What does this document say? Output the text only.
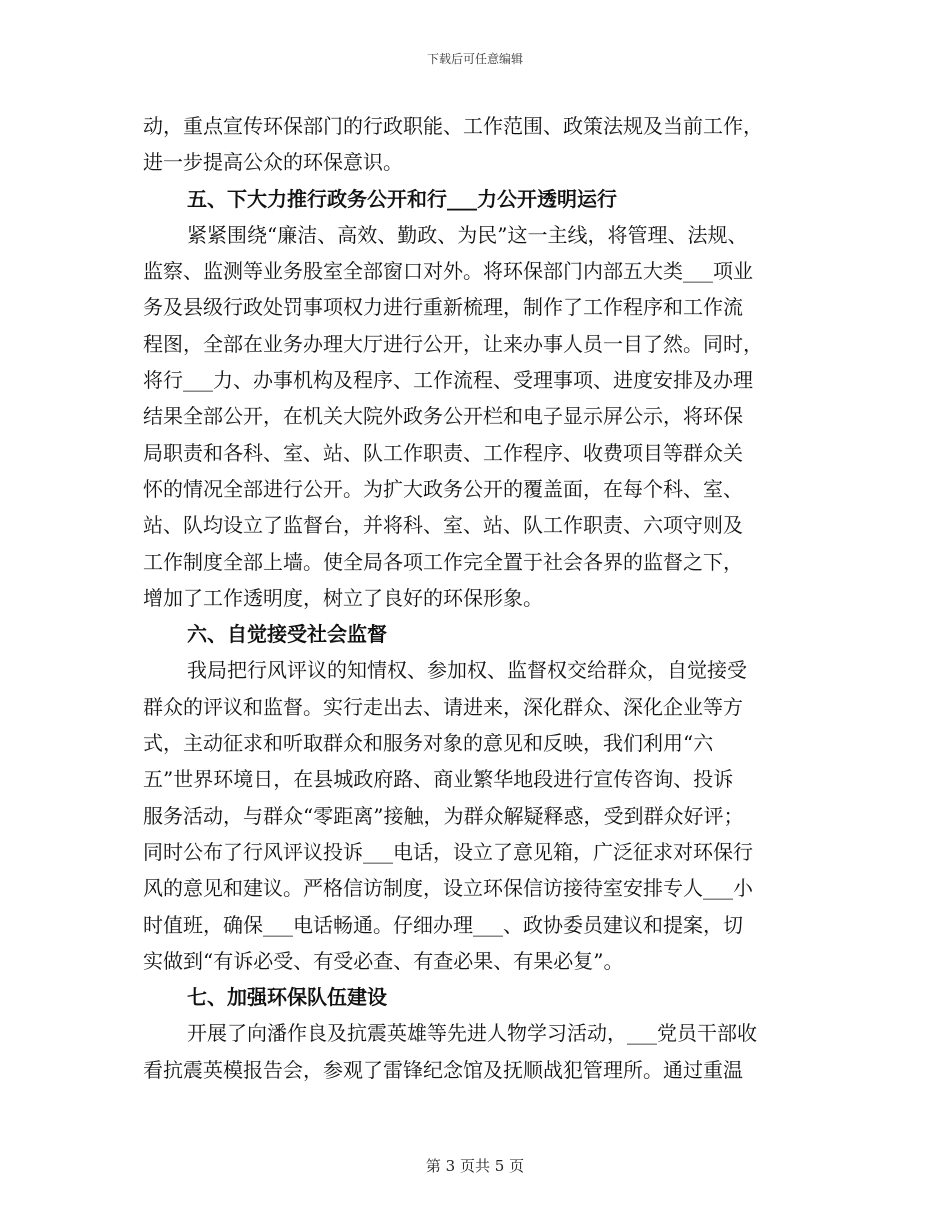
下载后可任意编辑
动，重点宣传环保部门的行政职能、工作范围、政策法规及当前工作，
进一步提高公众的环保意识。
五、下大力推行政务公开和行___力公开透明运行
紧紧围绕“廉洁、高效、勤政、为民”这一主线，将管理、法规、
监察、监测等业务股室全部窗口对外。将环保部门内部五大类___项业
务及县级行政处罚事项权力进行重新梳理，制作了工作程序和工作流
程图，全部在业务办理大厅进行公开，让来办事人员一目了然。同时，
将行___力、办事机构及程序、工作流程、受理事项、进度安排及办理
结果全部公开，在机关大院外政务公开栏和电子显示屏公示，将环保
局职责和各科、室、站、队工作职责、工作程序、收费项目等群众关
怀的情况全部进行公开。为扩大政务公开的覆盖面，在每个科、室、
站、队均设立了监督台，并将科、室、站、队工作职责、六项守则及
工作制度全部上墙。使全局各项工作完全置于社会各界的监督之下，
增加了工作透明度，树立了良好的环保形象。
六、自觉接受社会监督
我局把行风评议的知情权、参加权、监督权交给群众，自觉接受
群众的评议和监督。实行走出去、请进来，深化群众、深化企业等方
式，主动征求和听取群众和服务对象的意见和反映，我们利用“六
五”世界环境日，在县城政府路、商业繁华地段进行宣传咨询、投诉
服务活动，与群众“零距离”接触，为群众解疑释惑，受到群众好评；
同时公布了行风评议投诉___电话，设立了意见箱，广泛征求对环保行
风的意见和建议。严格信访制度，设立环保信访接待室安排专人___小
时值班，确保___电话畅通。仔细办理___、政协委员建议和提案，切
实做到“有诉必受、有受必查、有查必果、有果必复”。
七、加强环保队伍建设
开展了向潘作良及抗震英雄等先进人物学习活动，___党员干部收
看抗震英模报告会，参观了雷锋纪念馆及抚顺战犯管理所。通过重温
第 3 页共 5 页
